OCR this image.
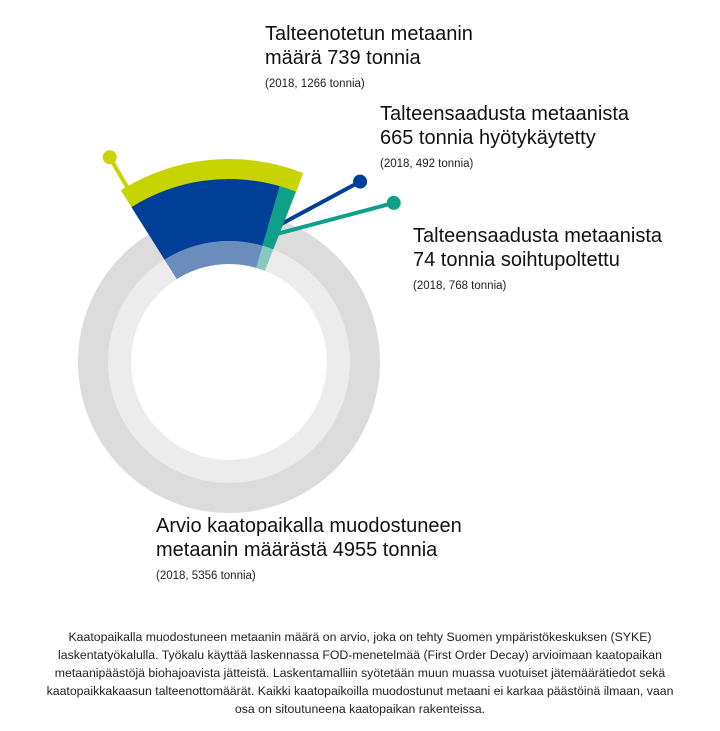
Talteenotetun metaanin
määrä 739 tonnia
(2018, 1266 tonnia)
Talteensaadusta metaanista
665 tonnia hyötykäytetty
(2018, 492 tonnia)
Talteensaadusta metaanista
74 tonnia soihtupoltettu
(2018, 768 tonnia)
Arvio kaatopaikalla muodostuneen
metaanin määrästä 4955 tonnia
(2018, 5356 tonnia)
Kaatopaikalla muodostuneen metaanin määrä on arvio, joka on tehty Suomen ympäristökeskuksen (SYKE) laskentatyökalulla. Työkalu käyttää laskennassa FOD-menetelmää (First Order Decay) arvioimaan kaatopaikan metaanipäästöjä biohajoavista jätteistä. Laskentamalliin syötetään muun muassa vuotuiset jätemäärätiedot sekä kaatopaikkakaasun talteenottomäärät. Kaikki kaatopaikoilla muodostunut metaani ei karkaa päästöinä ilmaan, vaan osa on sitoutuneena kaatopaikan rakenteissa.
